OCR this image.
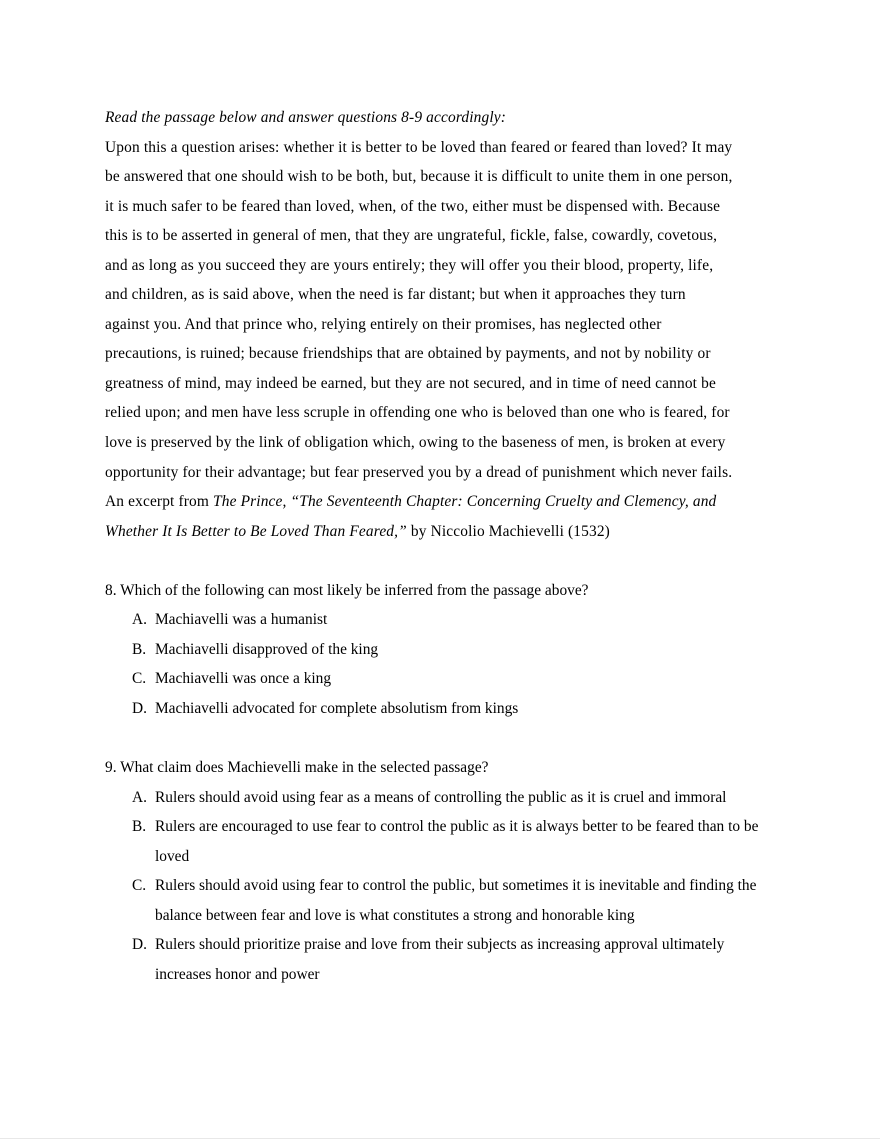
Read the passage below and answer questions 8-9 accordingly:
Upon this a question arises: whether it is better to be loved than feared or feared than loved? It may
be answered that one should wish to be both, but, because it is difficult to unite them in one person,
it is much safer to be feared than loved, when, of the two, either must be dispensed with. Because
this is to be asserted in general of men, that they are ungrateful, fickle, false, cowardly, covetous,
and as long as you succeed they are yours entirely; they will offer you their blood, property, life,
and children, as is said above, when the need is far distant; but when it approaches they turn
against you. And that prince who, relying entirely on their promises, has neglected other
precautions, is ruined; because friendships that are obtained by payments, and not by nobility or
greatness of mind, may indeed be earned, but they are not secured, and in time of need cannot be
relied upon; and men have less scruple in offending one who is beloved than one who is feared, for
love is preserved by the link of obligation which, owing to the baseness of men, is broken at every
opportunity for their advantage; but fear preserved you by a dread of punishment which never fails.
An excerpt from The Prince, “The Seventeenth Chapter: Concerning Cruelty and Clemency, and
Whether It Is Better to Be Loved Than Feared,” by Niccolio Machievelli (1532)

8. Which of the following can most likely be inferred from the passage above?
A. Machiavelli was a humanist
B. Machiavelli disapproved of the king
C. Machiavelli was once a king
D. Machiavelli advocated for complete absolutism from kings

9. What claim does Machievelli make in the selected passage?
A. Rulers should avoid using fear as a means of controlling the public as it is cruel and immoral
B. Rulers are encouraged to use fear to control the public as it is always better to be feared than to be loved
C. Rulers should avoid using fear to control the public, but sometimes it is inevitable and finding the balance between fear and love is what constitutes a strong and honorable king
D. Rulers should prioritize praise and love from their subjects as increasing approval ultimately increases honor and power
